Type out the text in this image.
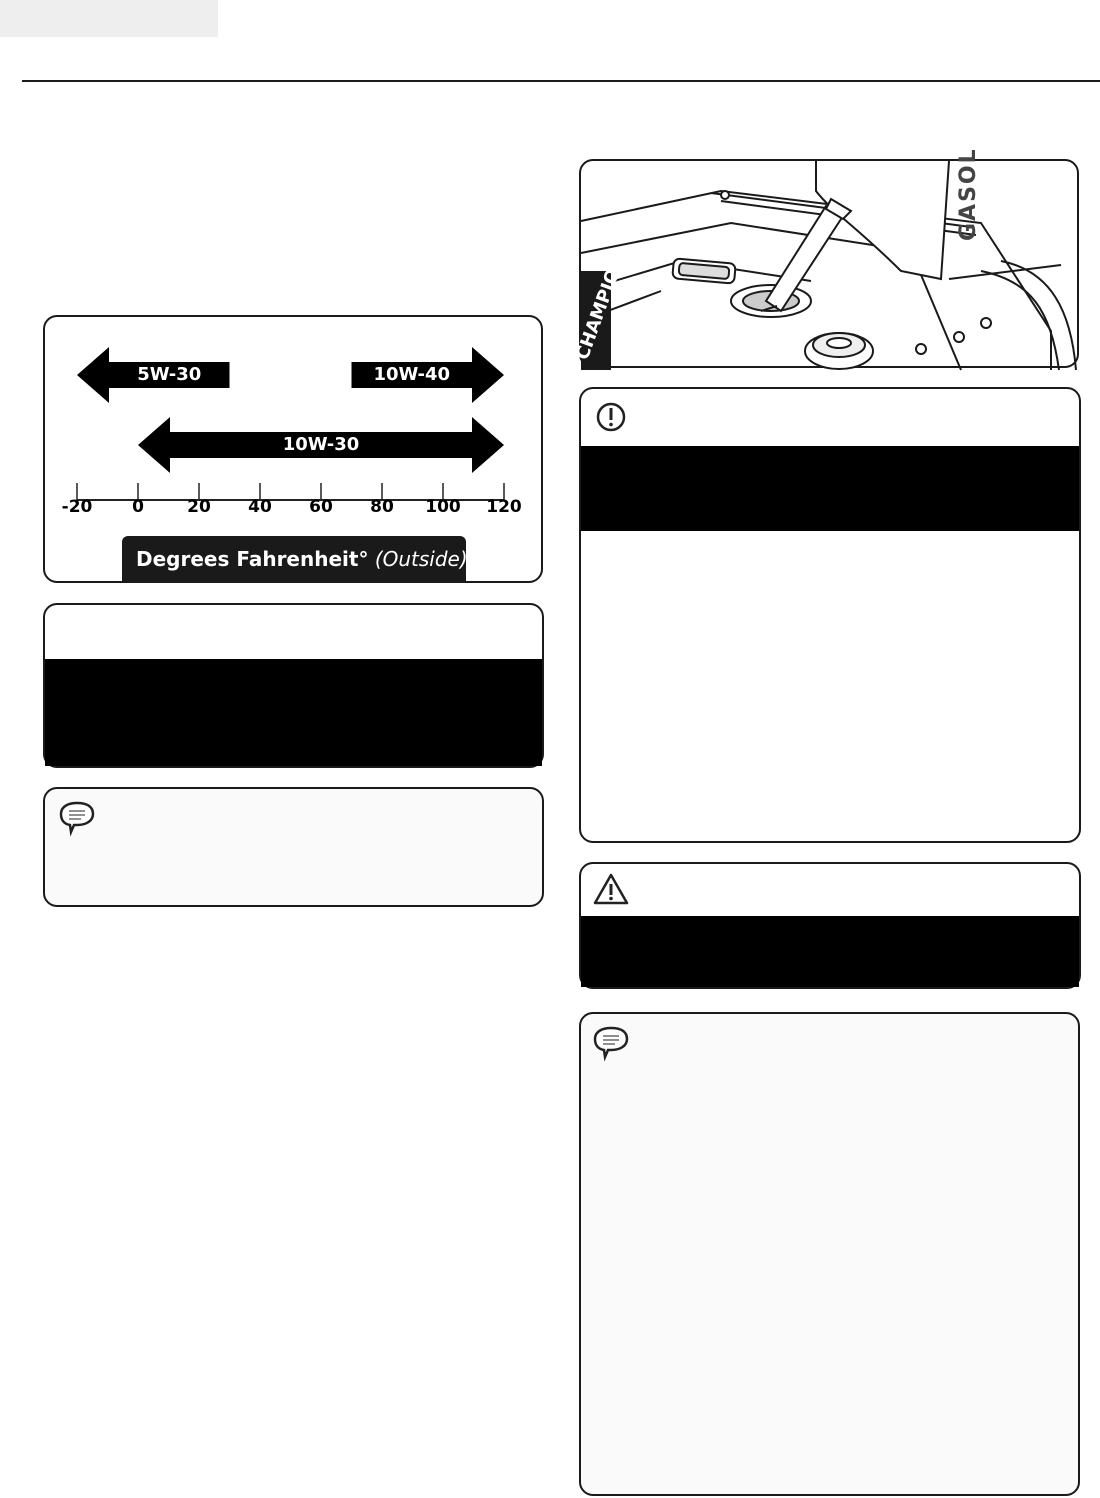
-20	0	20	40	60	80	100	120
5W-30	10W-40
10W-30
Degrees Fahrenheit° (Outside)
CHAMPION
GASOL
